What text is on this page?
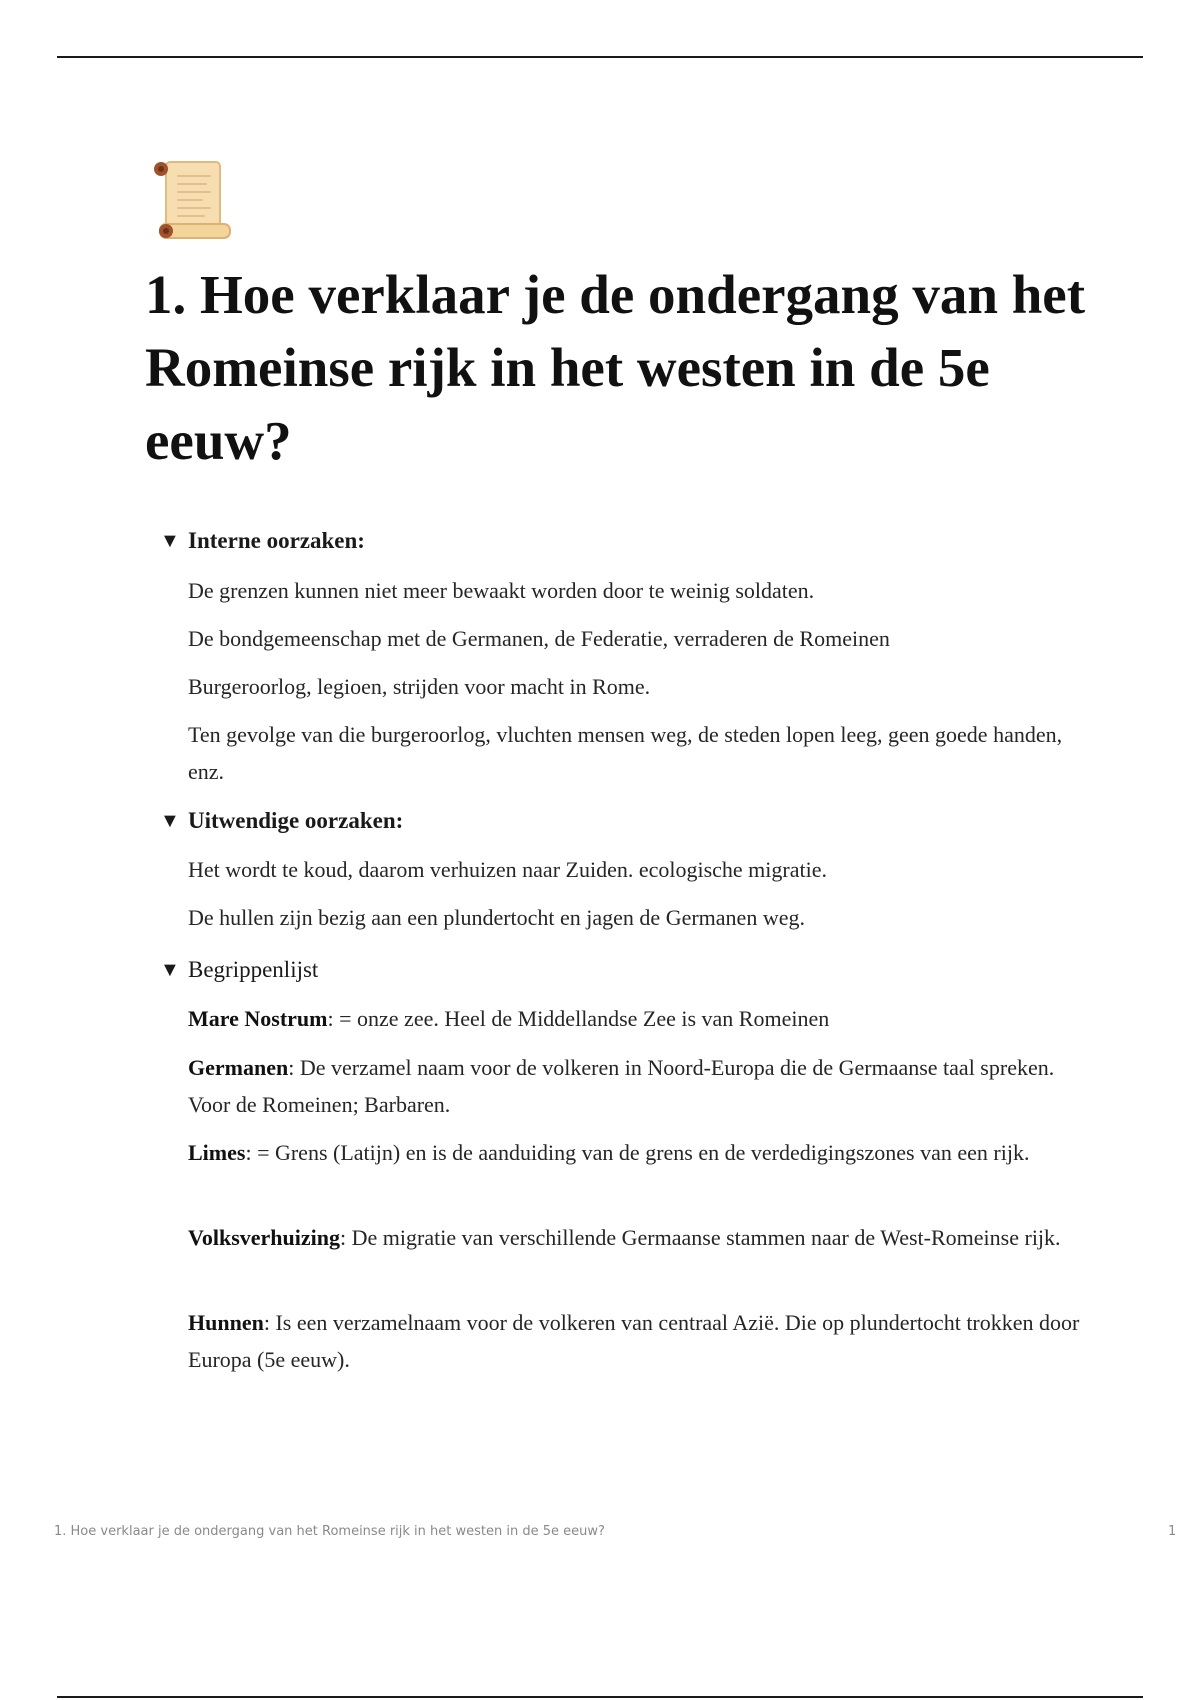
1. Hoe verklaar je de ondergang van het Romeinse rijk in het westen in de 5e eeuw?
▼ Interne oorzaken:

De grenzen kunnen niet meer bewaakt worden door te weinig soldaten.

De bondgemeenschap met de Germanen, de Federatie, verraderen de Romeinen

Burgeroorlog, legioen, strijden voor macht in Rome.

Ten gevolge van die burgeroorlog, vluchten mensen weg, de steden lopen leeg, geen goede handen, enz.

▼ Uitwendige oorzaken:

Het wordt te koud, daarom verhuizen naar Zuiden. ecologische migratie.

De hullen zijn bezig aan een plundertocht en jagen de Germanen weg.

▼ Begrippenlijst

Mare Nostrum: = onze zee. Heel de Middellandse Zee is van Romeinen

Germanen: De verzamel naam voor de volkeren in Noord-Europa die de Germaanse taal spreken. Voor de Romeinen; Barbaren.

Limes: = Grens (Latijn) en is de aanduiding van de grens en de verdedigingszones van een rijk.

Volksverhuizing: De migratie van verschillende Germaanse stammen naar de West-Romeinse rijk.

Hunnen: Is een verzamelnaam voor de volkeren van centraal Azië. Die op plundertocht trokken door Europa (5e eeuw).

1. Hoe verklaar je de ondergang van het Romeinse rijk in het westen in de 5e eeuw?	1
